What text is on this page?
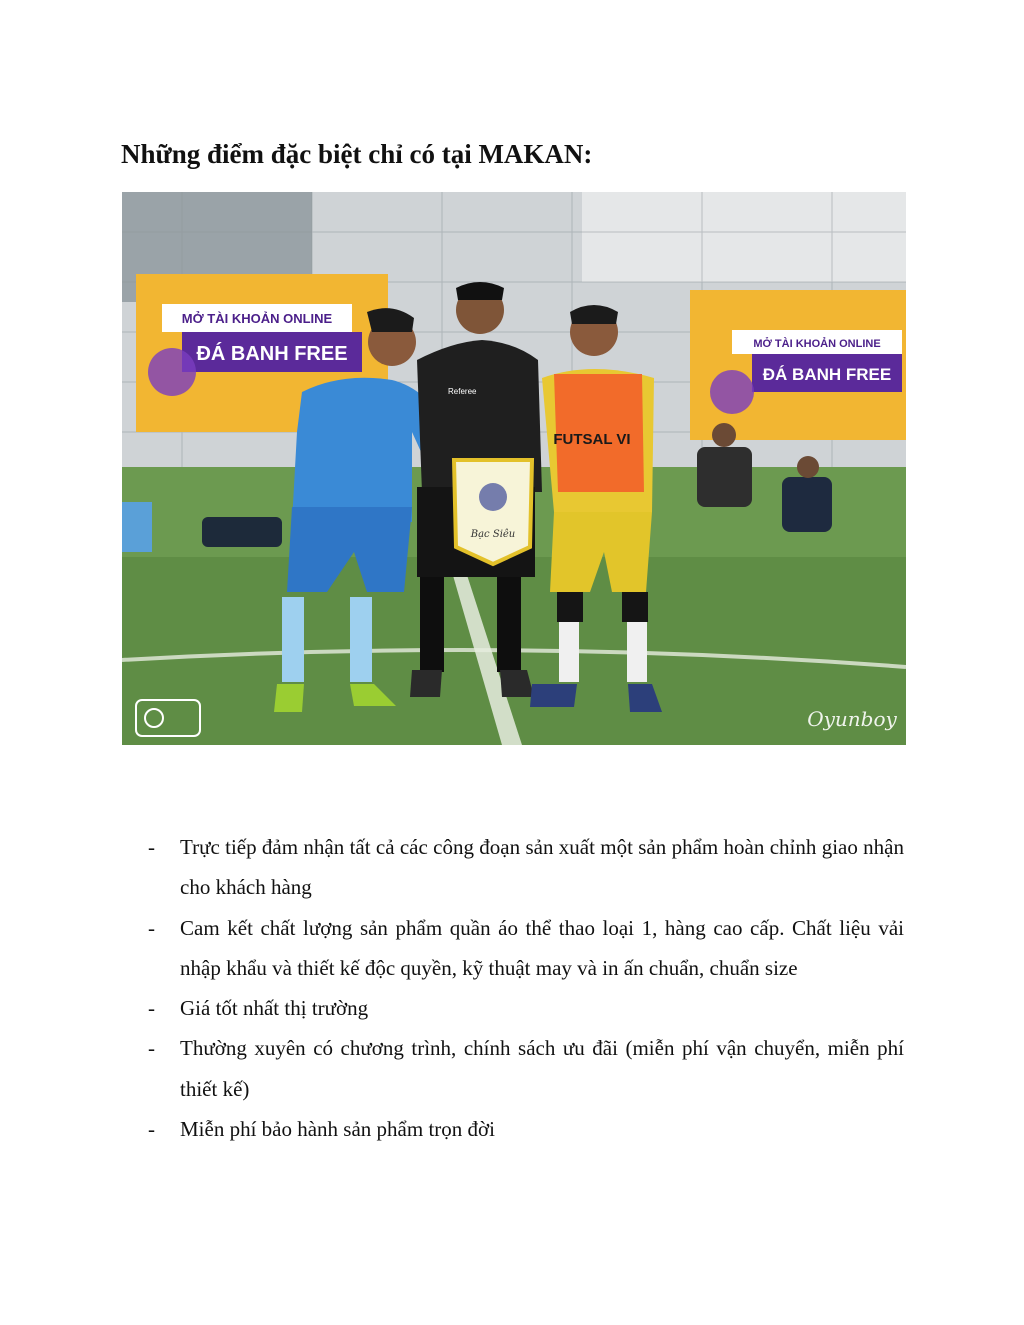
Những điểm đặc biệt chỉ có tại MAKAN:
MỞ TÀI KHOẢN ONLINE
ĐÁ BANH FREE	MỞ TÀI KHOẢN ONLINE
ĐÁ BANH FREE
Referee
Bạc Siêu
FUTSAL VI
Oyunboy
- Trực tiếp đảm nhận tất cả các công đoạn sản xuất một sản phẩm hoàn chỉnh giao nhận cho khách hàng
- Cam kết chất lượng sản phẩm quần áo thể thao loại 1, hàng cao cấp. Chất liệu vải nhập khẩu và thiết kế độc quyền, kỹ thuật may và in ấn chuẩn, chuẩn size
- Giá tốt nhất thị trường
- Thường xuyên có chương trình, chính sách ưu đãi (miễn phí vận chuyển, miễn phí thiết kế)
- Miễn phí bảo hành sản phẩm trọn đời
